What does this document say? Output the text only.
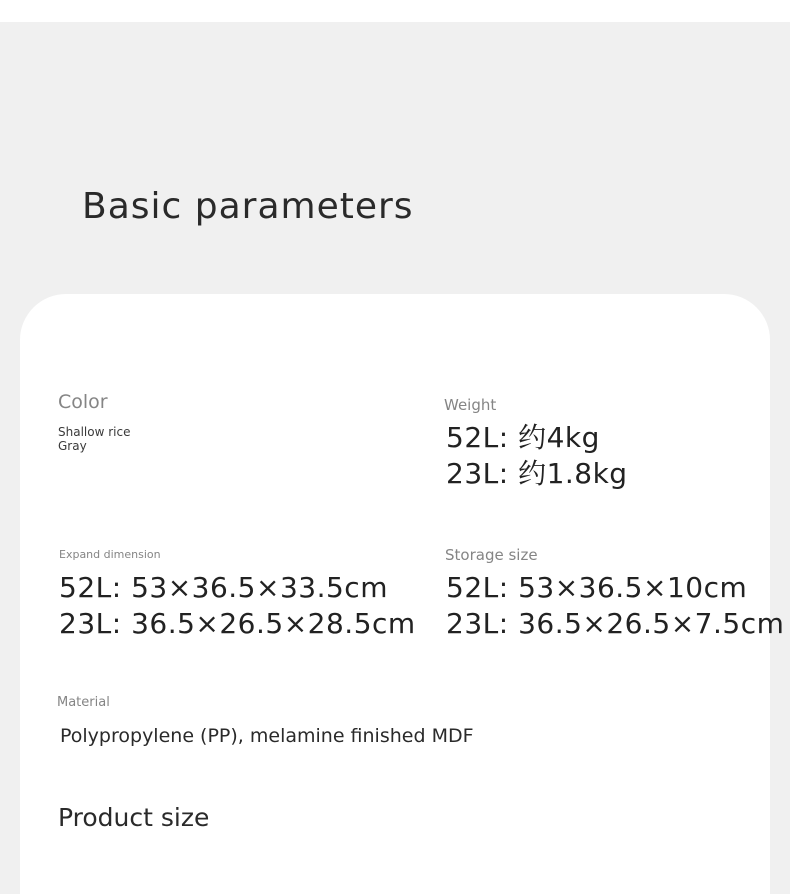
Basic parameters

Color

Shallow rice
Gray

Weight

52L: 约4kg
23L: 约1.8kg

Expand dimension

52L: 53×36.5×33.5cm
23L: 36.5×26.5×28.5cm

Storage size

52L: 53×36.5×10cm
23L: 36.5×26.5×7.5cm

Material

Polypropylene (PP), melamine finished MDF

Product size
